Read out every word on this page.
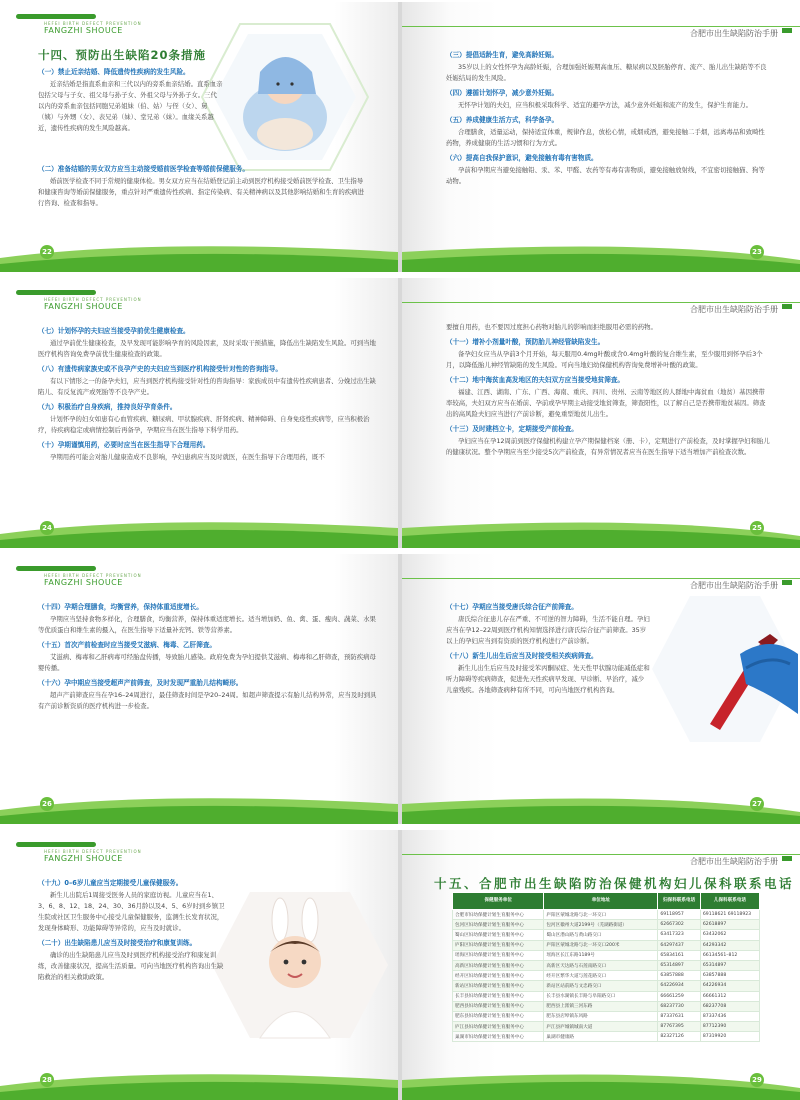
HEFEI BIRTH DEFECT PREVENTION
FANGZHI SHOUCE
十四、预防出生缺陷20条措施
（一）禁止近亲结婚、降低遗传性疾病的发生风险。
近亲结婚是指直系血亲和三代以内的旁系血亲结婚。直系血亲包括父母与子女、祖父母与孙子女、外祖父母与外孙子女。三代以内的旁系血亲包括同胞兄弟姐妹（伯、姑）与侄（女）、舅（姨）与外甥（女）、表兄弟（妹）、堂兄弟（妹）。血缘关系越近，遗传性疾病的发生风险越高。
（二）准备结婚的男女双方应当主动接受婚前医学检查等婚前保健服务。
婚前医学检查不同于常规的健康体检。男女双方应当在结婚登记前主动到医疗机构接受婚前医学检查、卫生指导和健康咨询等婚前保健服务，重点针对严重遗传性疾病、指定传染病、有关精神病以及其他影响结婚和生育的疾病进行咨询、检查和指导。
22
合肥市出生缺陷防治手册
（三）提倡适龄生育，避免高龄妊娠。
35岁以上的女性怀孕为高龄妊娠，合理加强妊娠期高血压、糖尿病以及胚胎停育、流产、胎儿出生缺陷等不良妊娠结局的发生风险。
（四）遵循计划怀孕，减少意外妊娠。
无怀孕计划的夫妇，应当积极采取科学、适宜的避孕方法，减少意外妊娠和流产的发生，保护生育能力。
（五）养成健康生活方式，科学备孕。
合理膳食，适量运动，保持适宜体重，规律作息，放松心情，戒烟戒酒，避免接触二手烟，远离毒品和致畸性药物，养成健康的生活习惯和行为方式。
（六）提高自我保护意识，避免接触有毒有害物质。
孕前和孕期应当避免接触铅、汞、苯、甲醛、农药等有毒有害物质，避免接触放射线，不宜密切接触猫、狗等动物。
23
HEFEI BIRTH DEFECT PREVENTION
FANGZHI SHOUCE
（七）计划怀孕的夫妇应当接受孕前优生健康检查。
通过孕前优生健康检查，及早发现可能影响孕育的风险因素，及时采取干预措施，降低出生缺陷发生风险。可到当地医疗机构咨询免费孕前优生健康检查的政策。
（八）有遗传病家族史或不良孕产史的夫妇应当到医疗机构接受针对性的咨询指导。
有以下情形之一的备孕夫妇，应当到医疗机构接受针对性的咨询指导：家族成员中有遗传性疾病患者、分娩过出生缺陷儿、有反复流产或死胎等不良孕产史。
（九）积极治疗自身疾病，推持良好孕育条件。
计划怀孕的妇女如患有心血管疾病、糖尿病、甲状腺疾病、肝肾疾病、精神障碍、自身免疫性疾病等，应当积极治疗，待疾病稳定或病情控制后再备孕，孕期应当在医生指导下科学用药。
（十）孕期谨慎用药，必要时应当在医生指导下合理用药。
孕期用药可能会对胎儿健康造成不良影响，孕妇患病应当及时就医，在医生指导下合理用药，既不
24
合肥市出生缺陷防治手册
要擅自用药，也不要因过度担心药物对胎儿的影响而拒绝服用必需的药物。
（十一）增补小剂量叶酸，预防胎儿神经管缺陷发生。
备孕妇女应当从孕前3个月开始，每天服用0.4mg叶酸或含0.4mg叶酸的复合维生素，至少服用到怀孕后3个月，以降低胎儿神经管缺陷的发生风险。可向当地妇幼保健机构咨询免费增补叶酸的政策。
（十二）地中海贫血高发地区的夫妇双方应当接受地贫筛查。
福建、江西、湖南、广东、广西、海南、重庆、四川、贵州、云南等地区的人群地中海贫血（地贫）基因携带率较高，夫妇双方应当在婚前、孕前或孕早期主动接受地贫筛查，筛查阳性，以了解自己是否携带地贫基因。筛查出的高风险夫妇应当进行产前诊断，避免重型地贫儿出生。
（十三）及时建档立卡，定期接受产前检查。
孕妇应当在孕12周前到医疗保健机构建立孕产期保健档案（册、卡），定期进行产前检查，及时掌握孕妇和胎儿的健康状况。整个孕期应当至少接受5次产前检查，有异常情况者应当在医生指导下适当增加产前检查次数。
25
HEFEI BIRTH DEFECT PREVENTION
FANGZHI SHOUCE
（十四）孕期合理膳食，均衡营养，保持体重适度增长。
孕期应当坚持食物多样化，合理膳食，均衡营养，保持体重适度增长。适当增加奶、鱼、禽、蛋、瘦肉、蔬菜、水果等优质蛋白和维生素的摄入，在医生指导下适量补充钙、铁等营养素。
（十五）首次产前检查时应当接受艾滋病、梅毒、乙肝筛查。
艾滋病、梅毒和乙肝病毒可经胎盘传播，导致胎儿感染。政府免费为孕妇提供艾滋病、梅毒和乙肝筛查，预防疾病母婴传播。
（十六）孕中期应当接受超声产前筛查，及时发现严重胎儿结构畸形。
超声产前筛查应当在孕16–24周进行，最佳筛查时间是孕20–24周。如超声筛查提示有胎儿结构异常，应当及时到具有产前诊断资质的医疗机构进一步检查。
26
合肥市出生缺陷防治手册
（十七）孕期应当接受唐氏综合征产前筛查。
唐氏综合征患儿存在严重、不可逆的智力障碍，生活不能自理。孕妇应当在孕12–22周到医疗机构知情选择进行唐氏综合征产前筛查。35岁以上的孕妇应当到有资质的医疗机构进行产前诊断。
（十八）新生儿出生后应当及时接受相关疾病筛查。
新生儿出生后应当及时接受苯丙酮尿症、先天性甲状腺功能减低症和听力障碍等疾病筛查，促进先天性疾病早发现、早诊断、早治疗，减少儿童残疾。各地筛查病种有所不同，可向当地医疗机构咨询。
27
HEFEI BIRTH DEFECT PREVENTION
FANGZHI SHOUCE
（十九）0–6岁儿童应当定期接受儿童保健服务。
新生儿出院后1周接受医务人员的家庭访视。儿童应当在1、3、6、8、12、18、24、30、36月龄以及4、5、6岁时到乡镇卫生院或社区卫生服务中心接受儿童保健服务，监测生长发育状况，发现身体畸形、功能障碍等异常的，应当及时就诊。
（二十）出生缺陷患儿应当及时接受治疗和康复训练。
确诊的出生缺陷患儿应当及时到医疗机构接受治疗和康复训练，改善健康状况，提高生活质量。可向当地医疗机构咨询出生缺陷救治的相关救助政策。
28
合肥市出生缺陷防治手册
十五、合肥市出生缺陷防治保健机构妇儿保科联系电话
保健服务单位	单位地址	妇保科联系电话	儿保科联系电话
合肥市妇幼保健计划生育服务中心	庐阳区蒙城北路与北一环交口	69118957	69118621 69118923
包河区妇幼保健计划生育服务中心	包河区徽州大道2199号（芜湖路街道）	62667302	62618897
蜀山区妇幼保健计划生育服务中心	蜀山区潜山路与黄山路交口	63417323	63432062
庐阳区妇幼保健计划生育服务中心	庐阳区蒙城北路与北一环交口200米	64297437	64293342
瑶海区妇幼保健计划生育服务中心	瑶海区长江东路1189号	65834161	66134561–812
高新区妇幼保健计划生育服务中心	高新区天达路与石莲南路交口	65314897	65314897
经开区妇幼保健计划生育服务中心	经开区繁华大道与莲花路交口	63857888	63857888
新站区妇幼保健计划生育服务中心	新站区站前路与文忠路交口	64226934	64226934
长丰县妇幼保健计划生育服务中心	长丰县水湖镇长丰路与阜阳路交口	66661259	66661312
肥西县妇幼保健计划生育服务中心	肥西县上派镇三河东路	68237730	68237708
肥东县妇幼保健计划生育服务中心	肥东县店埠镇东风路	87337631	87337436
庐江县妇幼保健计划生育服务中心	庐江县庐城镇城南大道	87767395	87712390
巢湖市妇幼保健计划生育服务中心	巢湖市健康路	82327126	87319920
29
